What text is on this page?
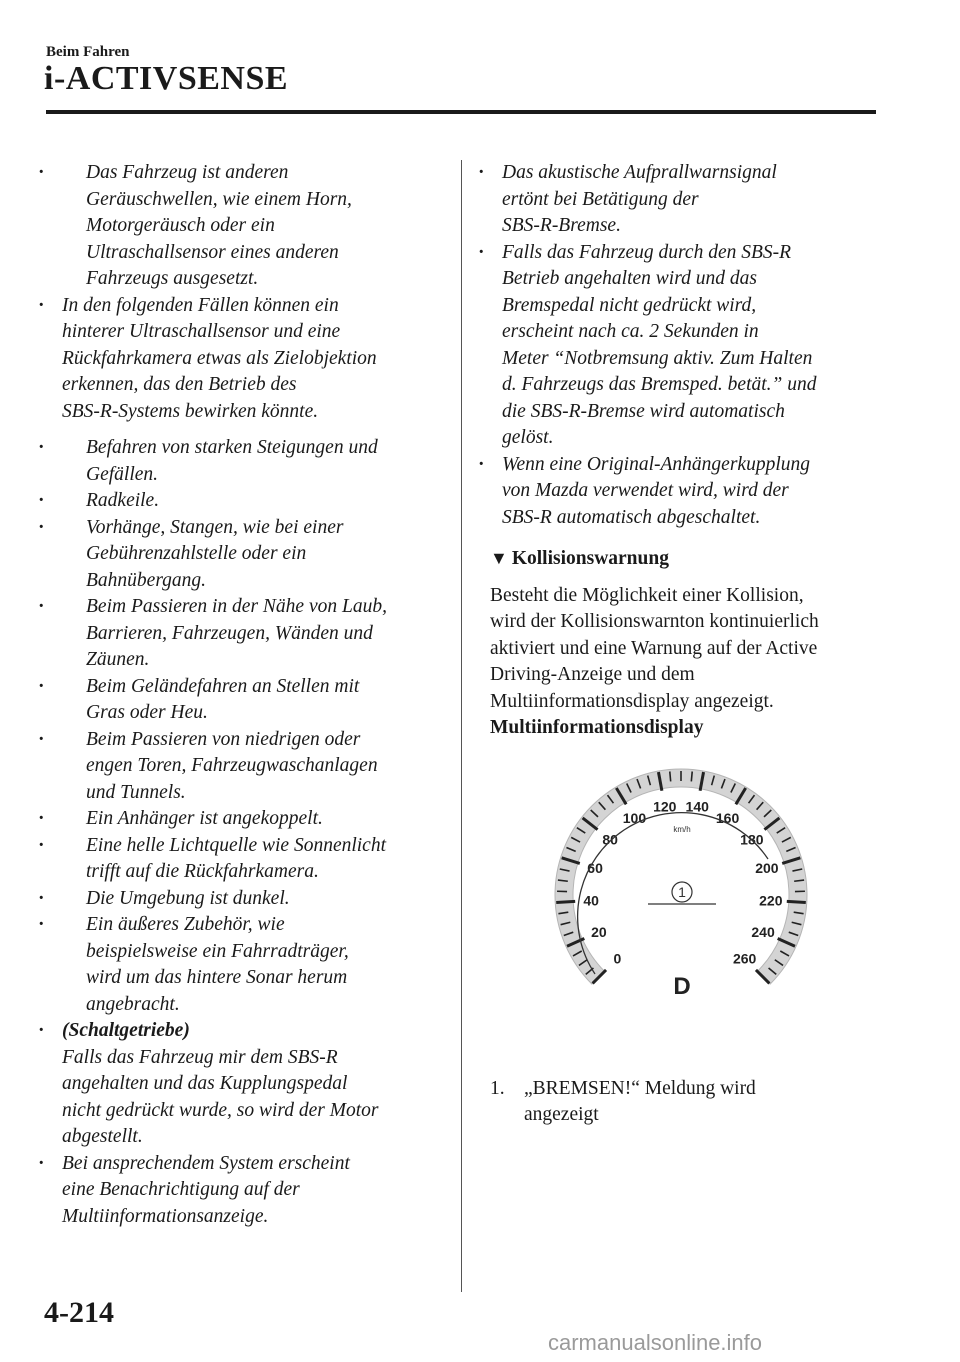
Beim Fahren
i-ACTIVSENSE
· Das Fahrzeug ist anderen
Geräuschwellen, wie einem Horn,
Motorgeräusch oder ein
Ultraschallsensor eines anderen
Fahrzeugs ausgesetzt.
· In den folgenden Fällen können ein
hinterer Ultraschallsensor und eine
Rückfahrkamera etwas als Zielobjektion
erkennen, das den Betrieb des
SBS-R-Systems bewirken könnte.
· Befahren von starken Steigungen und
Gefällen.
· Radkeile.
· Vorhänge, Stangen, wie bei einer
Gebührenzahlstelle oder ein
Bahnübergang.
· Beim Passieren in der Nähe von Laub,
Barrieren, Fahrzeugen, Wänden und
Zäunen.
· Beim Geländefahren an Stellen mit
Gras oder Heu.
· Beim Passieren von niedrigen oder
engen Toren, Fahrzeugwaschanlagen
und Tunnels.
· Ein Anhänger ist angekoppelt.
· Eine helle Lichtquelle wie Sonnenlicht
trifft auf die Rückfahrkamera.
· Die Umgebung ist dunkel.
· Ein äußeres Zubehör, wie
beispielsweise ein Fahrradträger,
wird um das hintere Sonar herum
angebracht.
· (Schaltgetriebe)
Falls das Fahrzeug mir dem SBS-R
angehalten und das Kupplungspedal
nicht gedrückt wurde, so wird der Motor
abgestellt.
· Bei ansprechendem System erscheint
eine Benachrichtigung auf der
Multiinformationsanzeige.
· Das akustische Aufprallwarnsignal
ertönt bei Betätigung der
SBS-R-Bremse.
· Falls das Fahrzeug durch den SBS-R
Betrieb angehalten wird und das
Bremspedal nicht gedrückt wird,
erscheint nach ca. 2 Sekunden in
Meter “Notbremsung aktiv. Zum Halten
d. Fahrzeugs das Bremsped. betät.” und
die SBS-R-Bremse wird automatisch
gelöst.
· Wenn eine Original-Anhängerkupplung
von Mazda verwendet wird, wird der
SBS-R automatisch abgeschaltet.
▼ Kollisionswarnung
Besteht die Möglichkeit einer Kollision,
wird der Kollisionswarnton kontinuierlich
aktiviert und eine Warnung auf der Active
Driving-Anzeige und dem
Multiinformationsdisplay angezeigt.
Multiinformationsdisplay
0
20
40
60
80
100
120 140
160
180
200
220
240
260
km/h
1
D
1. „BREMSEN!“ Meldung wird
angezeigt
4-214
carmanualsonline.info
